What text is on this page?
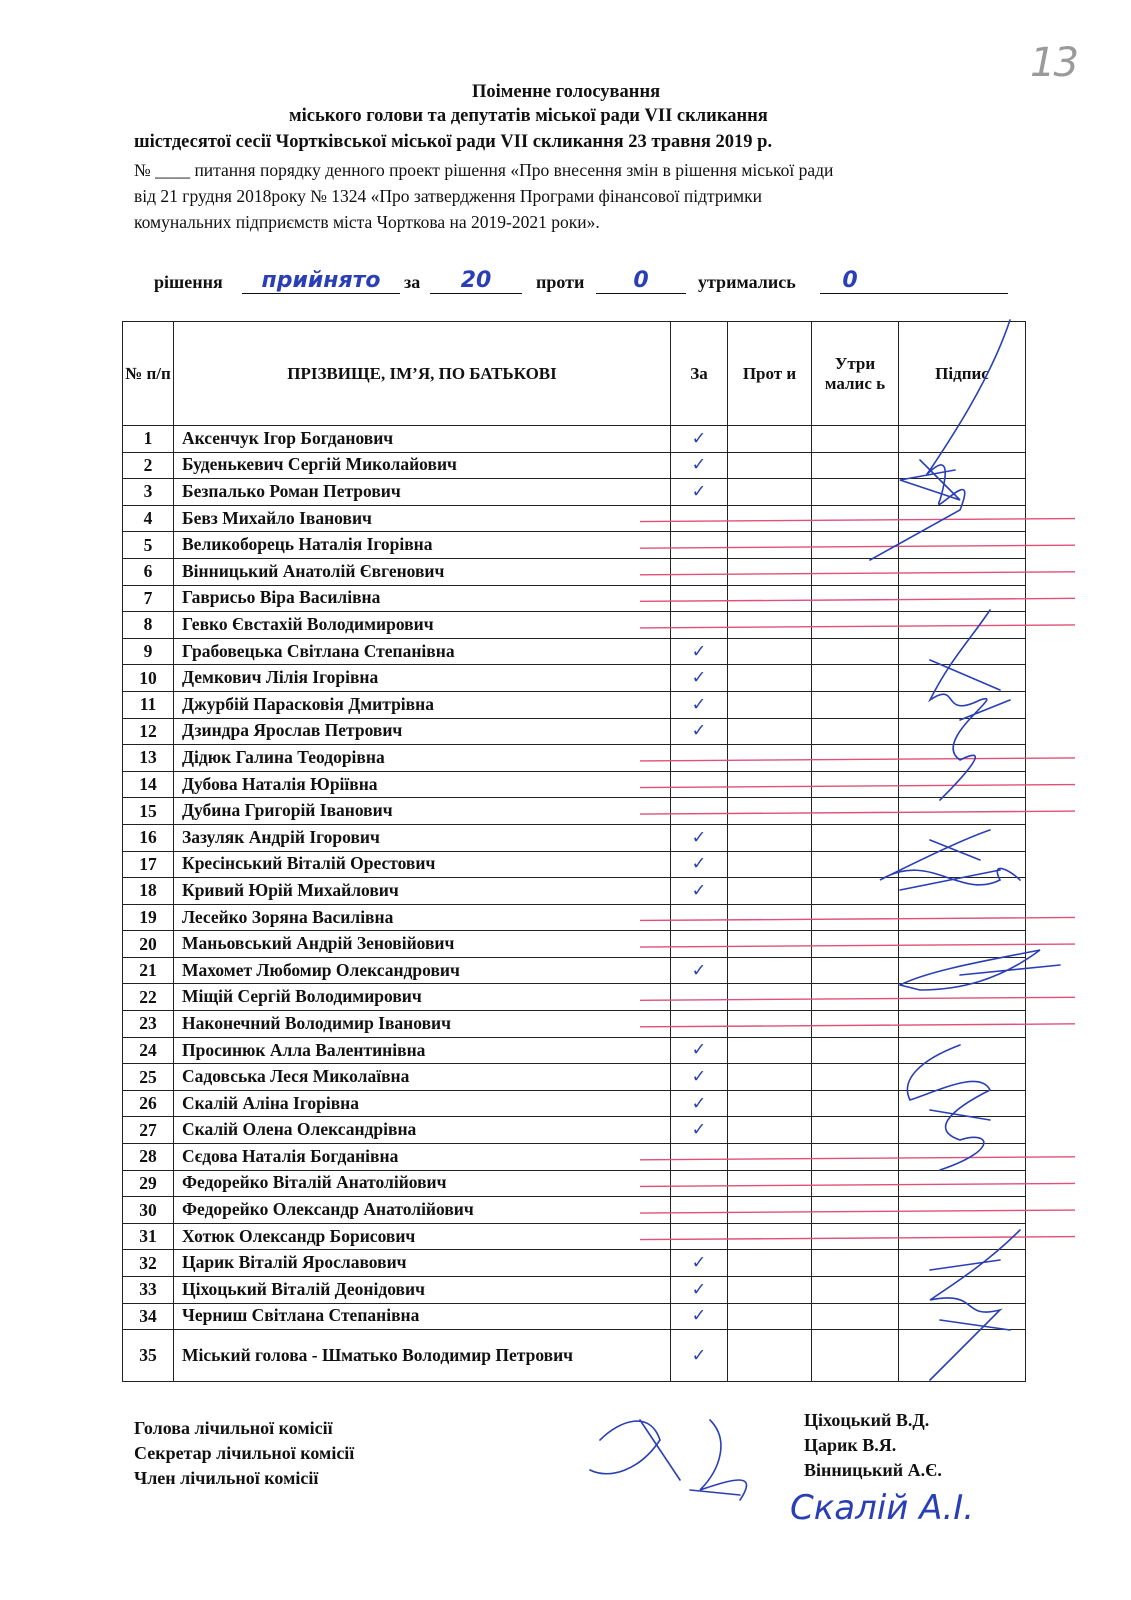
13
Поіменне голосування
міського голови та депутатів міської ради VІІ скликання
шістдесятої сесії Чортківської міської ради VІІ скликання 23 травня 2019 р.
№ ____ питання порядку денного проект рішення «Про внесення змін в рішення міської ради
від 21 грудня 2018року № 1324 «Про затвердження Програми фінансової підтримки
комунальних підприємств міста Чорткова на 2019-2021 роки».
рішення	прийнято	за	20	проти	0	утримались	0
№ п/п	ПРІЗВИЩЕ, ІМ’Я, ПО БАТЬКОВІ	За	Прот и	Утри малис ь	Підпис
1	Аксенчук Ігор Богданович	✓			
2	Буденькевич Сергій Миколайович	✓			
3	Безпалько Роман Петрович	✓			
4	Бевз Михайло Іванович				
5	Великоборець Наталія Ігорівна				
6	Вінницький Анатолій Євгенович				
7	Гаврисьо Віра Василівна				
8	Гевко Євстахій Володимирович				
9	Грабовецька Світлана Степанівна	✓			
10	Демкович Лілія Ігорівна	✓			
11	Джурбій Парасковія Дмитрівна	✓			
12	Дзиндра Ярослав Петрович	✓			
13	Дідюк Галина Теодорівна				
14	Дубова Наталія Юріївна				
15	Дубина Григорій Іванович				
16	Зазуляк Андрій Ігорович	✓			
17	Кресінський Віталій Орестович	✓			
18	Кривий Юрій Михайлович	✓			
19	Лесейко Зоряна Василівна				
20	Маньовський Андрій Зеновійович				
21	Махомет Любомир Олександрович	✓			
22	Міщій Сергій Володимирович				
23	Наконечний Володимир Іванович				
24	Просинюк Алла Валентинівна	✓			
25	Садовська Леся Миколаївна	✓			
26	Скалій Аліна Ігорівна	✓			
27	Скалій Олена Олександрівна	✓			
28	Сєдова Наталія Богданівна				
29	Федорейко Віталій Анатолійович				
30	Федорейко Олександр Анатолійович				
31	Хотюк Олександр Борисович				
32	Царик Віталій Ярославович	✓			
33	Ціхоцький Віталій Деонідович	✓			
34	Черниш Світлана Степанівна	✓			
35	Міський голова - Шматько Володимир Петрович	✓			
Голова лічильної комісії
Секретар лічильної комісії
Член лічильної комісії
Ціхоцький В.Д.
Царик В.Я.
Вінницький А.Є.
Скалій А.І.
